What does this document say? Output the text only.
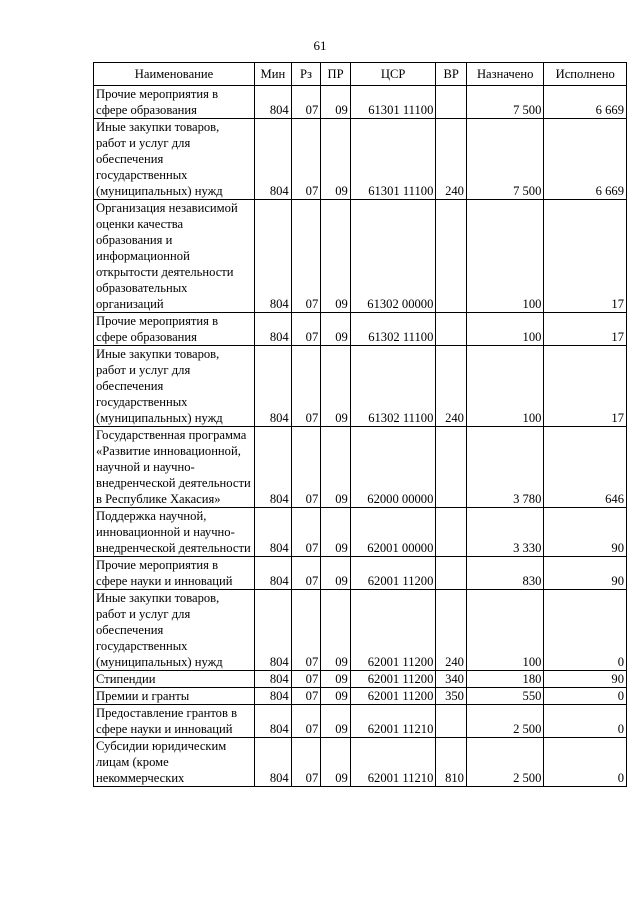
61
Наименование	Мин	Рз	ПР	ЦСР	ВР	Назначено	Исполнено
Прочие мероприятия в сфере образования	804	07	09	61301 11100		7 500	6 669
Иные закупки товаров, работ и услуг для обеспечения государственных (муниципальных) нужд	804	07	09	61301 11100	240	7 500	6 669
Организация независимой оценки качества образования и информационной открытости деятельности образовательных организаций	804	07	09	61302 00000		100	17
Прочие мероприятия в сфере образования	804	07	09	61302 11100		100	17
Иные закупки товаров, работ и услуг для обеспечения государственных (муниципальных) нужд	804	07	09	61302 11100	240	100	17
Государственная программа «Развитие инновационной, научной и научно-внедренческой деятельности в Республике Хакасия»	804	07	09	62000 00000		3 780	646
Поддержка научной, инновационной и научно-внедренческой деятельности	804	07	09	62001 00000		3 330	90
Прочие мероприятия в сфере науки и инноваций	804	07	09	62001 11200		830	90
Иные закупки товаров, работ и услуг для обеспечения государственных (муниципальных) нужд	804	07	09	62001 11200	240	100	0
Стипендии	804	07	09	62001 11200	340	180	90
Премии и гранты	804	07	09	62001 11200	350	550	0
Предоставление грантов в сфере науки и инноваций	804	07	09	62001 11210		2 500	0
Субсидии юридическим лицам (кроме некоммерческих	804	07	09	62001 11210	810	2 500	0
